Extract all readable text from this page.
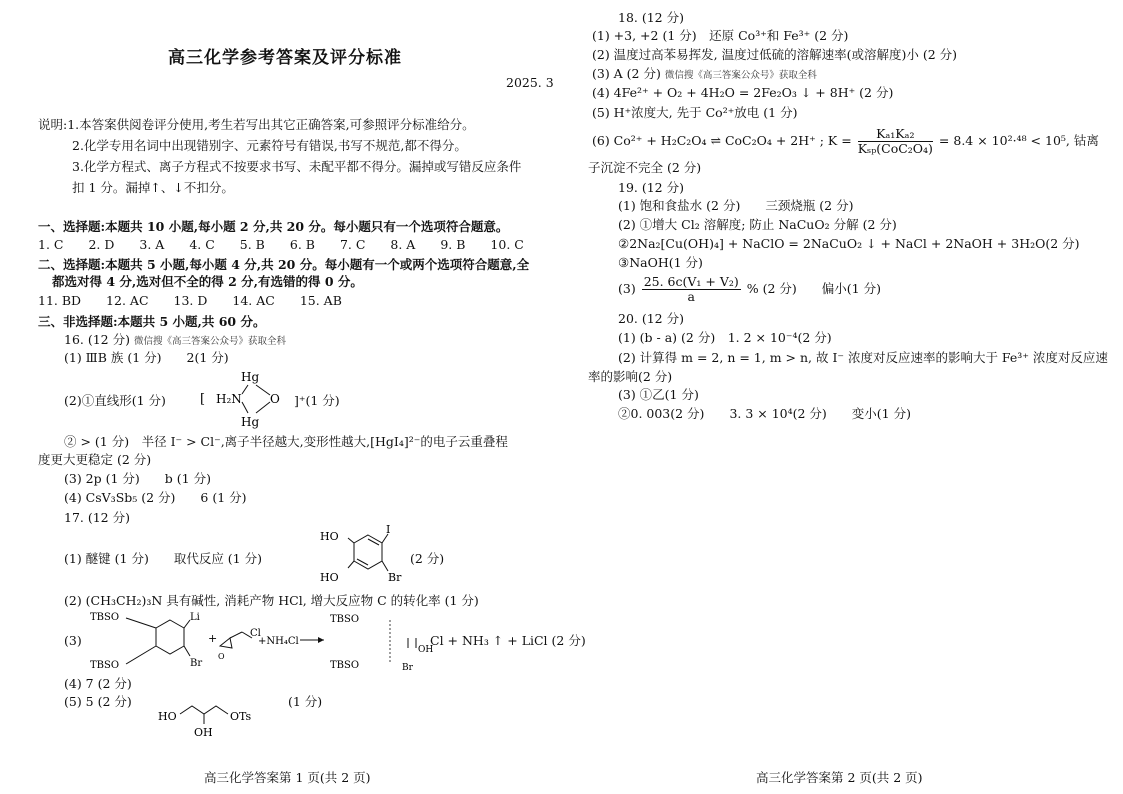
高三化学参考答案及评分标准
2025. 3
说明:1.本答案供阅卷评分使用,考生若写出其它正确答案,可参照评分标准给分。
2.化学专用名词中出现错别字、元素符号有错误,书写不规范,都不得分。
3.化学方程式、离子方程式不按要求书写、未配平都不得分。漏掉或写错反应条件
扣 1 分。漏掉↑、↓不扣分。
一、选择题:本题共 10 小题,每小题 2 分,共 20 分。每小题只有一个选项符合题意。
1. C　　2. D　　3. A　　4. C　　5. B　　6. B　　7. C　　8. A　　9. B　　10. C
二、选择题:本题共 5 小题,每小题 4 分,共 20 分。每小题有一个或两个选项符合题意,全
都选对得 4 分,选对但不全的得 2 分,有选错的得 0 分。
11. BD　　12. AC　　13. D　　14. AC　　15. AB
三、非选择题:本题共 5 小题,共 60 分。
16. (12 分) 微信搜《高三答案公众号》获取全科
(1) ⅢB 族 (1 分)　　2(1 分)
(2)①直线形(1 分)	[ H₂N
Hg
Hg
O ]⁺(1 分)
② > (1 分)　半径 I⁻ > Cl⁻,离子半径越大,变形性越大,[HgI₄]²⁻的电子云重叠程
度更大更稳定 (2 分)
(3) 2p (1 分)　　b (1 分)
(4) CsV₃Sb₅ (2 分)　　6 (1 分)
17. (12 分)
(1) 醚键 (1 分)　　取代反应 (1 分)
HO
HO
I
Br
(2 分)
(2) (CH₃CH₂)₃N 具有碱性, 消耗产物 HCl, 增大反应物 C 的转化率 (1 分)
(3)
TBSO
TBSO
Li
Br
+
O
Cl
+NH₄Cl
TBSO
TBSO	Br
OH
Cl + NH₃ ↑ + LiCl (2 分)
(4) 7 (2 分)
(5) 5 (2 分)
HO
OH
OTs
(1 分)
高三化学答案第 1 页(共 2 页)
18. (12 分)
(1) +3, +2 (1 分)　还原 Co³⁺和 Fe³⁺ (2 分)
(2) 温度过高苯易挥发, 温度过低硫的溶解速率(或溶解度)小 (2 分)
(3) A (2 分) 微信搜《高三答案公众号》获取全科
(4) 4Fe²⁺ + O₂ + 4H₂O = 2Fe₂O₃ ↓ + 8H⁺ (2 分)
(5) H⁺浓度大, 先于 Co²⁺放电 (1 分)
(6) Co²⁺ + H₂C₂O₄ ⇌ CoC₂O₄ + 2H⁺ ; $K = \frac{\text{Kₐ₁Kₐ₂}}{\text{Kₛₚ(CoC₂O₄)}} = 8.4 \times 10^2\cdot^{48} < 10^5$, 钴离
子沉淀不完全 (2 分)
19. (12 分)
(1) 饱和食盐水 (2 分)　　三颈烧瓶 (2 分)
(2) ①增大 Cl₂ 溶解度; 防止 NaCuO₂ 分解 (2 分)
②2Na₂[Cu(OH)₄] + NaClO = 2NaCuO₂ ↓ + NaCl + 2NaOH + 3H₂O(2 分)
③NaOH(1 分)
$(3) \frac{\text{25. 6c(V₁ + V₂)}}{a}$ % (2 分)　　偏小(1 分)
20. (12 分)
(1) (b - a) (2 分)　1. 2 × 10⁻⁴(2 分)
(2) 计算得 m = 2, n = 1, m > n, 故 I⁻ 浓度对反应速率的影响大于 Fe³⁺ 浓度对反应速
率的影响(2 分)
(3) ①乙(1 分)
②0. 003(2 分)　　3. 3 × 10⁴(2 分)　　变小(1 分)
高三化学答案第 2 页(共 2 页)
